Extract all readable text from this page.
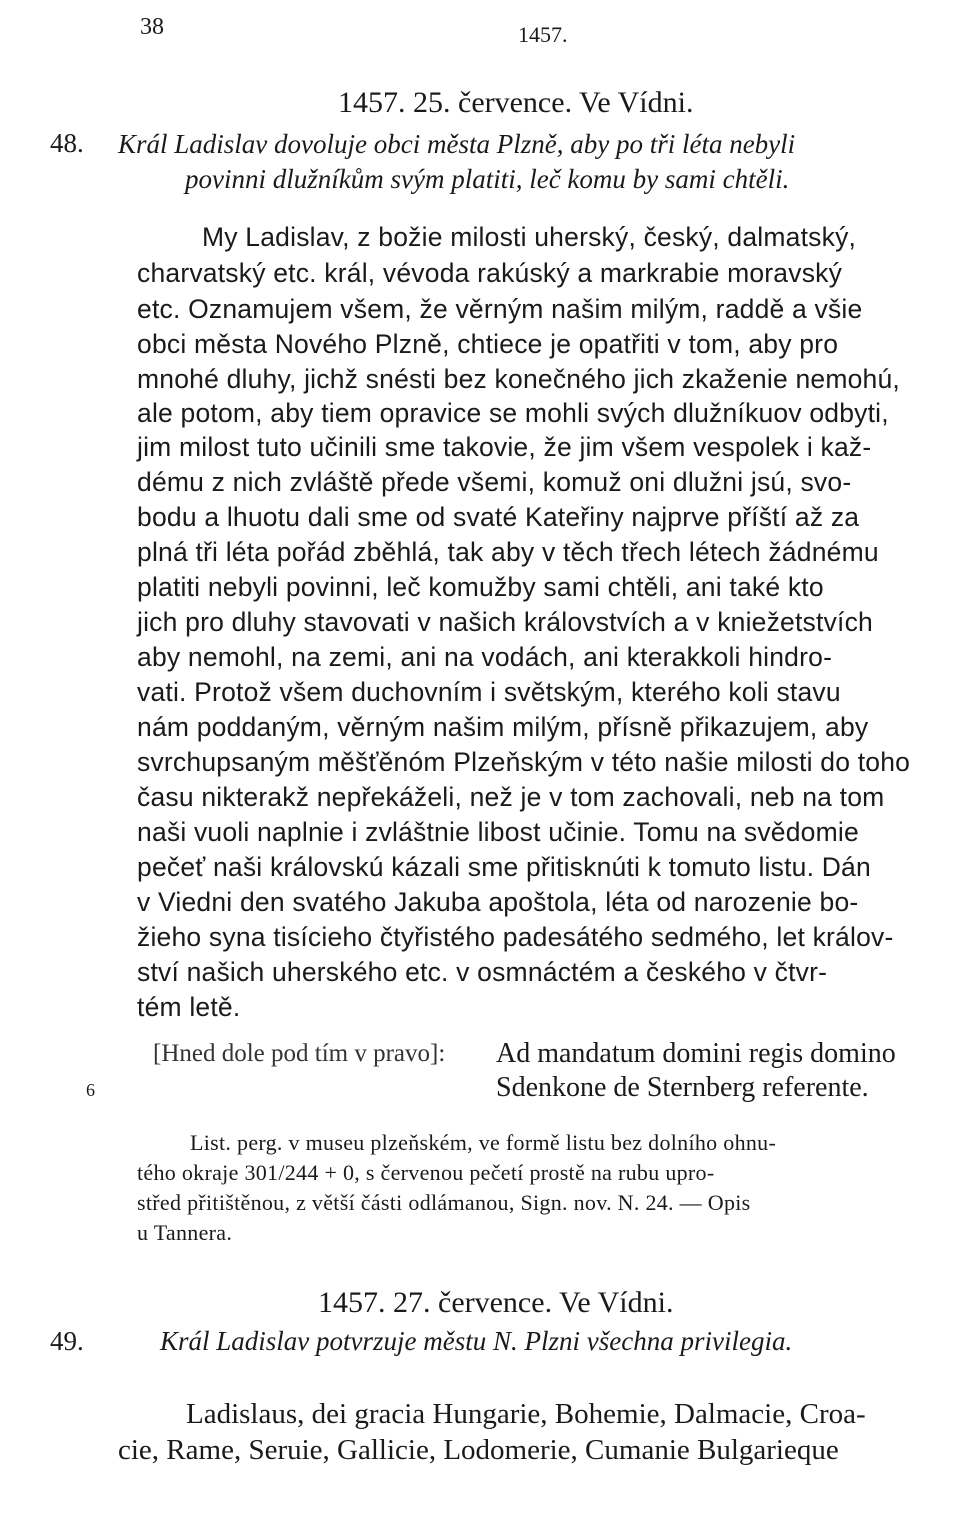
38	1457.
1457. 25. července. Ve Vídni.
48. Král Ladislav dovoluje obci města Plzně, aby po tři léta nebyli
povinni dlužníkům svým platiti, leč komu by sami chtěli.
My Ladislav, z božie milosti uherský, český, dalmatský,
charvatský etc. král, vévoda rakúský a markrabie moravský
etc. Oznamujem všem, že věrným našim milým, raddě a všie
obci města Nového Plzně, chtiece je opatřiti v tom, aby pro
mnohé dluhy, jichž snésti bez konečného jich zkaženie nemohú,
ale potom, aby tiem opravice se mohli svých dlužníkuov odbyti,
jim milost tuto učinili sme takovie, že jim všem vespolek i kaž-
dému z nich zvláště přede všemi, komuž oni dlužni jsú, svo-
bodu a lhuotu dali sme od svaté Kateřiny najprve příští až za
plná tři léta pořád zběhlá, tak aby v těch třech létech žádnému
platiti nebyli povinni, leč komužby sami chtěli, ani také kto
jich pro dluhy stavovati v našich královstvích a v kniežetstvích
aby nemohl, na zemi, ani na vodách, ani kterakkoli hindro-
vati. Protož všem duchovním i světským, kterého koli stavu
nám poddaným, věrným našim milým, přísně přikazujem, aby
svrchupsaným měšťěnóm Plzeňským v této našie milosti do toho
času nikterakž nepřekáželi, než je v tom zachovali, neb na tom
naši vuoli naplnie i zvláštnie libost učinie. Tomu na svědomie
pečeť naši královskú kázali sme přitisknúti k tomuto listu. Dán
v Viedni den svatého Jakuba apoštola, léta od narozenie bo-
žieho syna tisícieho čtyřistého padesátého sedmého, let králov-
ství našich uherského etc. v osmnáctém a českého v čtvr-
tém letě.
[Hned dole pod tím v pravo]: Ad mandatum domini regis domino
Sdenkone de Sternberg referente.
6
List. perg. v museu plzeňském, ve formě listu bez dolního ohnu-
tého okraje 301/244 + 0, s červenou pečetí prostě na rubu upro-
střed přitištěnou, z větší části odlámanou, Sign. nov. N. 24. — Opis
u Tannera.
1457. 27. července. Ve Vídni.
49.	Král Ladislav potvrzuje městu N. Plzni všechna privilegia.
Ladislaus, dei gracia Hungarie, Bohemie, Dalmacie, Croa-
cie, Rame, Seruie, Gallicie, Lodomerie, Cumanie Bulgarieque
